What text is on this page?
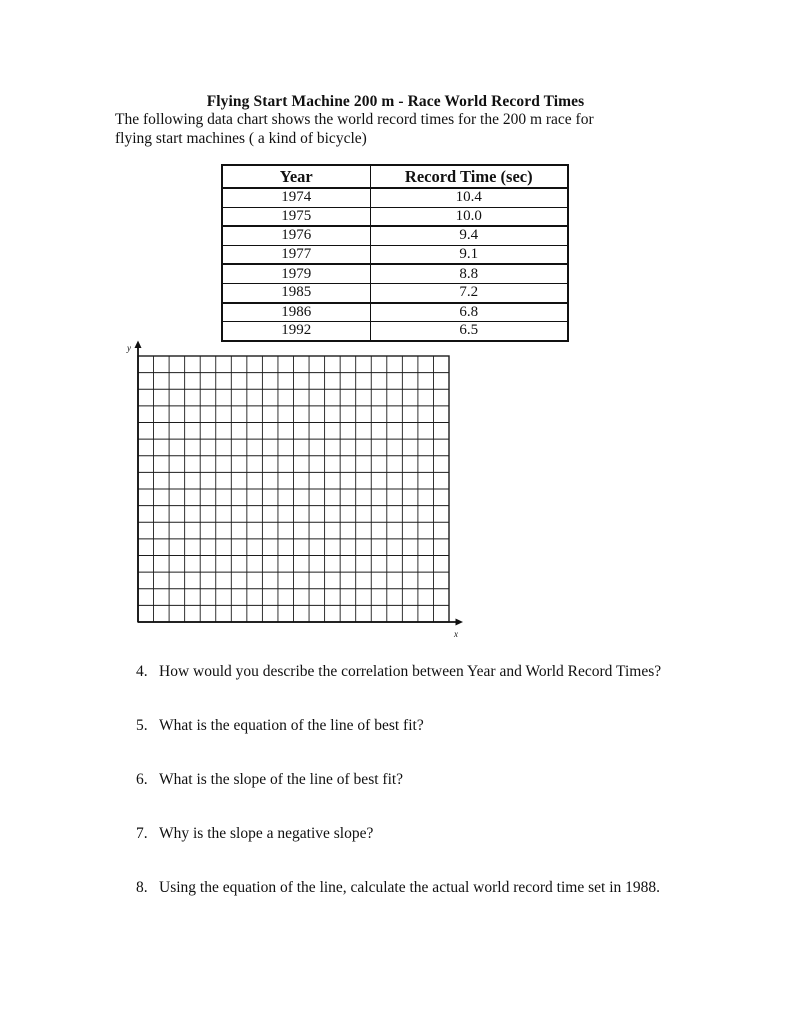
Flying Start Machine 200 m - Race World Record Times
The following data chart shows the world record times for the 200 m race for
flying start machines ( a kind of bicycle)
Year	Record Time (sec)
1974	10.4
1975	10.0
1976	9.4
1977	9.1
1979	8.8
1985	7.2
1986	6.8
1992	6.5
y
x
4. How would you describe the correlation between Year and World Record Times?
5. What is the equation of the line of best fit?
6. What is the slope of the line of best fit?
7. Why is the slope a negative slope?
8. Using the equation of the line, calculate the actual world record time set in 1988.
